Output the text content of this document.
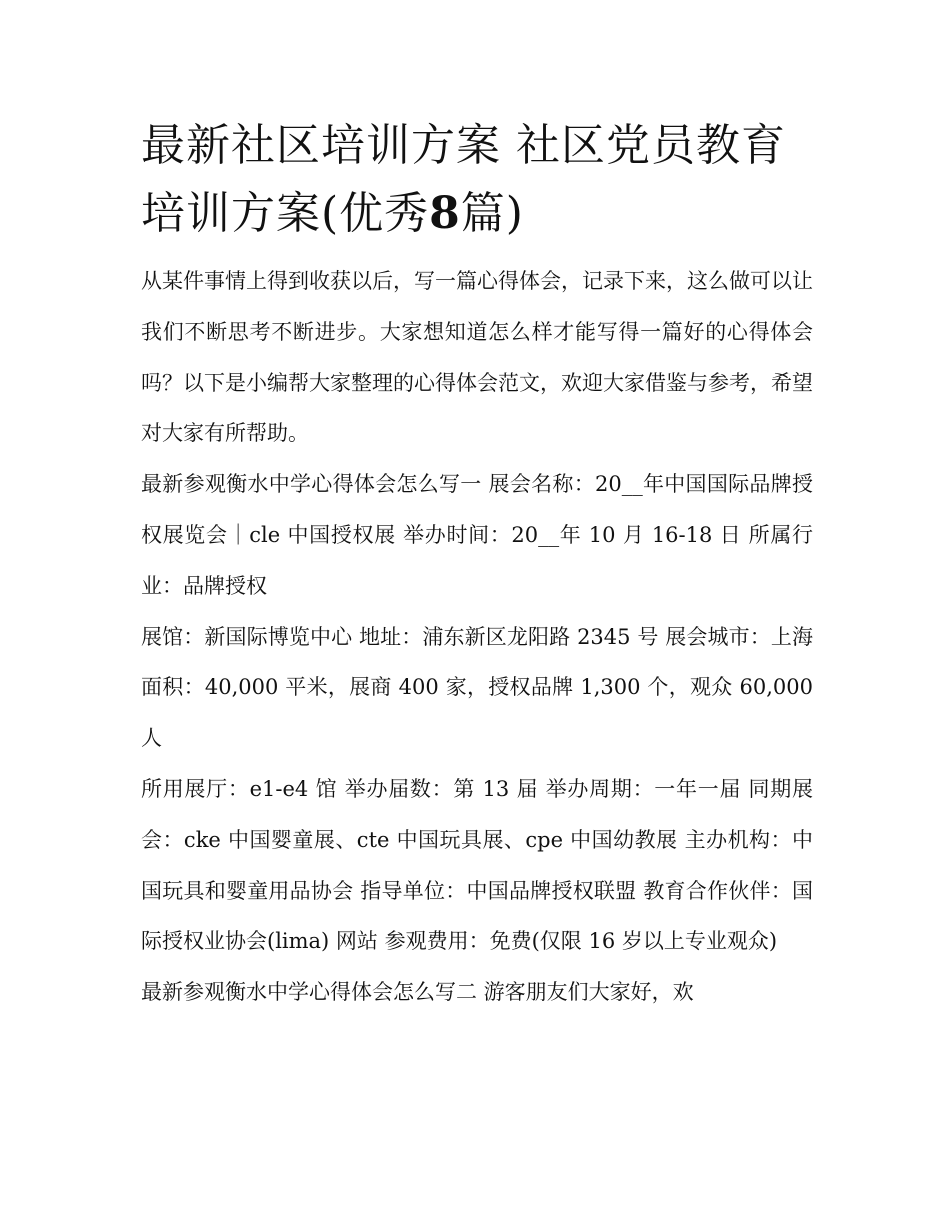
最新社区培训方案 社区党员教育培训方案(优秀8篇)

从某件事情上得到收获以后，写一篇心得体会，记录下来，这么做可以让我们不断思考不断进步。大家想知道怎么样才能写得一篇好的心得体会吗？以下是小编帮大家整理的心得体会范文，欢迎大家借鉴与参考，希望对大家有所帮助。

最新参观衡水中学心得体会怎么写一 展会名称：20__年中国国际品牌授权展览会｜cle 中国授权展 举办时间：20__年 10 月 16-18 日 所属行业：品牌授权

展馆：新国际博览中心 地址：浦东新区龙阳路 2345 号 展会城市：上海 面积：40,000 平米，展商 400 家，授权品牌 1,300 个，观众 60,000 人

所用展厅：e1-e4 馆 举办届数：第 13 届 举办周期：一年一届 同期展会：cke 中国婴童展、cte 中国玩具展、cpe 中国幼教展 主办机构：中国玩具和婴童用品协会 指导单位：中国品牌授权联盟 教育合作伙伴：国际授权业协会(lima) 网站 参观费用：免费(仅限 16 岁以上专业观众)

最新参观衡水中学心得体会怎么写二 游客朋友们大家好，欢
